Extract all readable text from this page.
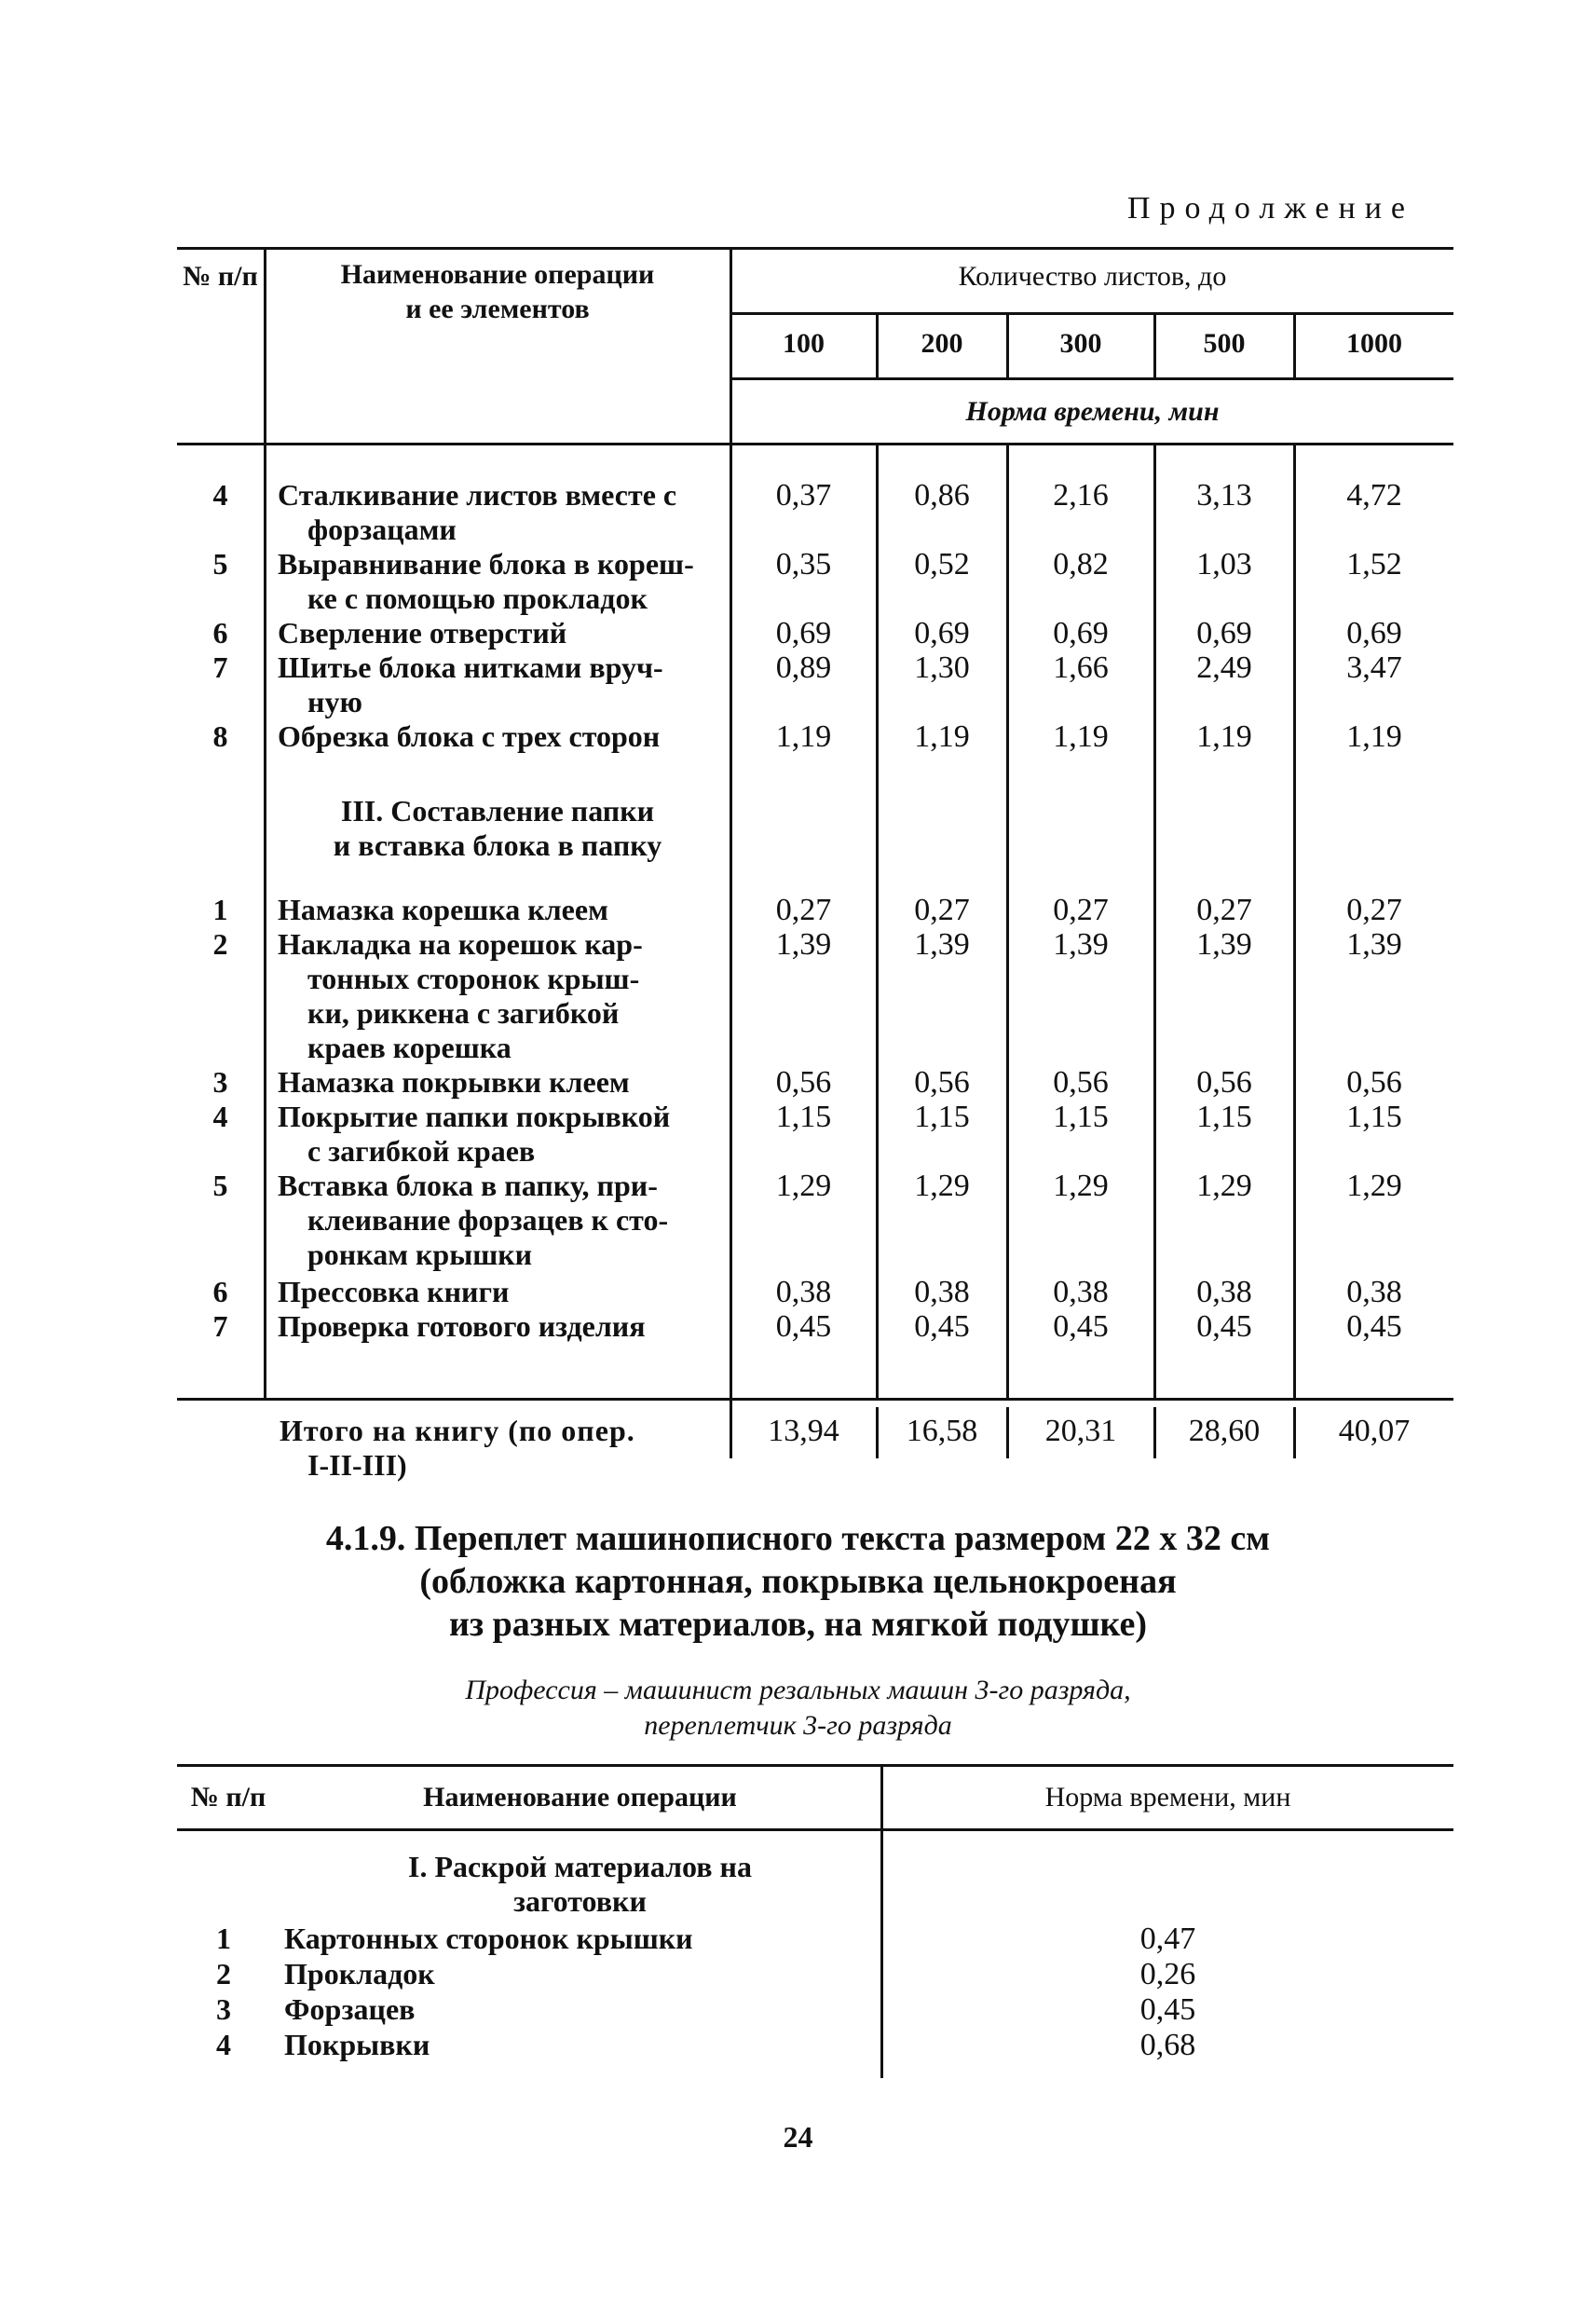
Продолжение
№ п/п	Наименование операции
и ее элементов
Количество листов, до
100	200	300	500	1000
Норма времени, мин
4	Сталкивание листов вместе с
форзацами
0,37	0,86	2,16	3,13	4,72
5	Выравнивание блока в кореш-
ке с помощью прокладок
0,35	0,52	0,82	1,03	1,52
6	Сверление отверстий	0,69	0,69	0,69	0,69	0,69
7	Шитье блока нитками вруч-
ную
0,89	1,30	1,66	2,49	3,47
8	Обрезка блока с трех сторон	1,19	1,19	1,19	1,19	1,19
III. Составление папки
и вставка блока в папку
1	Намазка корешка клеем	0,27	0,27	0,27	0,27	0,27
2	Накладка на корешок кар-
тонных сторонок крыш-
ки, риккена с загибкой
краев корешка
1,39	1,39	1,39	1,39	1,39
3	Намазка покрывки клеем	0,56	0,56	0,56	0,56	0,56
4	Покрытие папки покрывкой
с загибкой краев
1,15	1,15	1,15	1,15	1,15
5	Вставка блока в папку, при-
клеивание форзацев к сто-
ронкам крышки
1,29	1,29	1,29	1,29	1,29
6	Прессовка книги	0,38	0,38	0,38	0,38	0,38
7	Проверка готового изделия	0,45	0,45	0,45	0,45	0,45
Итого на книгу (по опер.
I-II-III)
13,94	16,58	20,31	28,60	40,07
4.1.9. Переплет машинописного текста размером 22 x 32 см
(обложка картонная, покрывка цельнокроеная
из разных материалов, на мягкой подушке)
Профессия – машинист резальных машин 3-го разряда,
переплетчик 3-го разряда
№ п/п	Наименование операции	Норма времени, мин
I. Раскрой материалов на
заготовки
1	Картонных сторонок крышки	0,47
2	Прокладок	0,26
3	Форзацев	0,45
4	Покрывки	0,68
24
